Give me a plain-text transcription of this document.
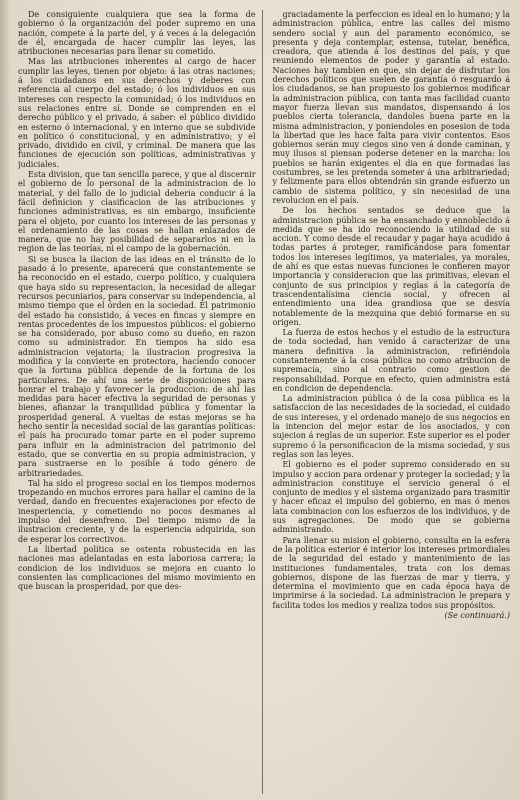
De consiguiente cualquiera que sea la forma de gobierno ó la organización del poder supremo en una nación, compete á la parte del, y á veces á la delegación de él, encargada de hacer cumplir las leyes, las atribuciones necesarias para llenar su cometido.

Mas las atribuciones inherentes al cargo de hacer cumplir las leyes, tienen por objeto: á las otras naciones; á los ciudadanos en sus derechos y deberes con referencia al cuerpo del estado; ó los individuos en sus intereses con respecto la comunidad; ó los individuos en sus relaciones entre sí. Donde se comprenden en el derecho público y el privado, á saber: el público dividido en esterno ó internacional, y en interno que se subdivide en político ó constitucional, y en administrativo; y el privado, dividido en civil, y criminal. De manera que las funciones de ejecución son políticas, administrativas y judiciales.

Esta division, que tan sencilla parece, y que al discernir el gobierno de lo personal de la administracion de lo material, y del fallo de lo judicial deberia conducir á la fácil definicion y clasificacion de las atribuciones y funciones administrativas, es sin embargo, insuficiente para el objeto, por cuanto los intereses de las personas y el ordenamiento de las cosas se hallan enlazados de manera, que no hay posibilidad de separarlos ni en la region de las teorías, ni el campo de la gobernación.

Si se busca la ilacion de las ideas en el tránsito de lo pasado á lo presente, aparecerá que constantemente se ha reconocido en el estado, cuerpo político, y cualquiera que haya sido su representacion, la necesidad de allegar recursos pecuniarios, para conservar su independencia, al mismo tiempo que el órden en la sociedad. El patrimonio del estado ha consistido, á veces en fincas y siempre en rentas procedentes de los impuestos públicos: el gobierno se ha considerado, por abuso como su dueño, en razon como su administrador. En tiempos ha sido esa administracion vejatoria; la ilustracion progresiva la modifica y la convierte en protectora, haciendo conocer que la fortuna pública depende de la fortuna de los particulares. De ahí una serie de disposiciones para honrar el trabajo y favorecer la produccion: de ahí las medidas para hacer efectiva la seguridad de personas y bienes, afianzar la tranquilidad pública y fomentar la prosperidad general. A vueltas de estas mejoras se ha hecho sentir la necesidad social de las garantías políticas: el país ha procurado tomar parte en el poder supremo para influir en la administracion del patrimonio del estado, que se convertia en su propia administracion, y para sustraerse en lo posible á todo género de arbitrariedades.

Tal ha sido el progreso social en los tiempos modernos tropezando en muchos errores para hallar el camino de la verdad, dando en frecuentes exajeraciones por efecto de inesperiencia, y cometiendo no pocos desmanes al impulso del desenfreno. Del tiempo mismo de la ilustracion creciente, y de la esperiencia adquirida, son de esperar los correctivos.

La libertad política se ostenta robustecida en las naciones mas adelantadas en esta laboriosa carrera; la condicion de los individuos se mejora en cuanto lo consienten las complicaciones del mismo movimiento en que buscan la prosperidad, por que des-

graciadamente la perfeccion es ideal en lo humano; y la administracion pública, entre las calles del mismo sendero social y aun del paramento económico, se presenta y deja contemplar, estensa, tutelar, benéfica, creadora, que atienda á los destinos del país, y que reuniendo elementos de poder y garantía al estado. Naciones hay tambien en que, sin dejar de disfrutar los derechos políticos que suelen de garantía ó resguardo á los ciudadanos, se han propuesto los gobiernos modificar la administracion pública, con tanta mas facilidad cuanto mayor fuerza llevan sus mandatos, dispensando á los pueblos cierta tolerancia, dandoles buena parte en la misma administracion, y poniendoles en posesion de toda la libertad que les hace falta para vivir contentos. Esos gobiernos serán muy ciegos sino ven á donde caminan, y muy ilusos si piensan poderse detener en la marcha: los pueblos se harán exigentes el dia en que formadas las costumbres, se les pretenda someter á una arbitrariedad; y felizmente para ellos obtendrán sin grande esfuerzo un cambio de sistema político, y sin necesidad de una revolucion en el país.

De los hechos sentados se deduce que la administracion pública se ha ensanchado y ennoblecido á medida que se ha ido reconociendo la utilidad de su accion. Y como desde el recaudar y pagar haya acudido á todas partes á proteger, ramificándose para fomentar todos los intereses legítimos, ya materiales, ya morales, de ahí es que estas nuevas funciones le confieren mayor importancia y consideracion que las primitivas, elevan el conjunto de sus principios y reglas á la categoría de trascendentalísima ciencia social, y ofrecen al entendimiento una idea grandiosa que se desvía notablemente de la mezquina que debió formarse en su origen.

La fuerza de estos hechos y el estudio de la estructura de toda sociedad, han venido á caracterizar de una manera definitiva la administracion, refiriéndola constantemente á la cosa pública no como atribucion de supremacía, sino al contrario como gestion de responsabilidad. Porque en efecto, quien administra está en condicion de dependencia.

La administracion pública ó de la cosa pública es la satisfaccion de las necesidades de la sociedad, el cuidado de sus intereses, y el ordenado manejo de sus negocios en la intencion del mejor estar de los asociados, y con sujecion á reglas de un superior. Este superior es el poder supremo ó la personificacion de la misma sociedad, y sus reglas son las leyes.

El gobierno es el poder supremo considerado en su impulso y accion para ordenar y proteger la sociedad; y la administracion constituye el servicio general ó el conjunto de medios y el sistema organizado para trasmitir y hacer eficaz el impulso del gobierno, en mas ó menos lata combinacion con los esfuerzos de los individuos, y de sus agregaciones. De modo que se gobierna administrando.

Para llenar su mision el gobierno, consulta en la esfera de la política esterior é interior los intereses primordiales de la seguridad del estado y mantenimiento de las instituciones fundamentales, trata con los demas gobiernos, dispone de las fuerzas de mar y tierra, y determina el movimiento que en cada época haya de imprimirse á la sociedad. La administracion le prepara y facilita todos los medios y realiza todos sus propósitos.

(Se continuará.)
